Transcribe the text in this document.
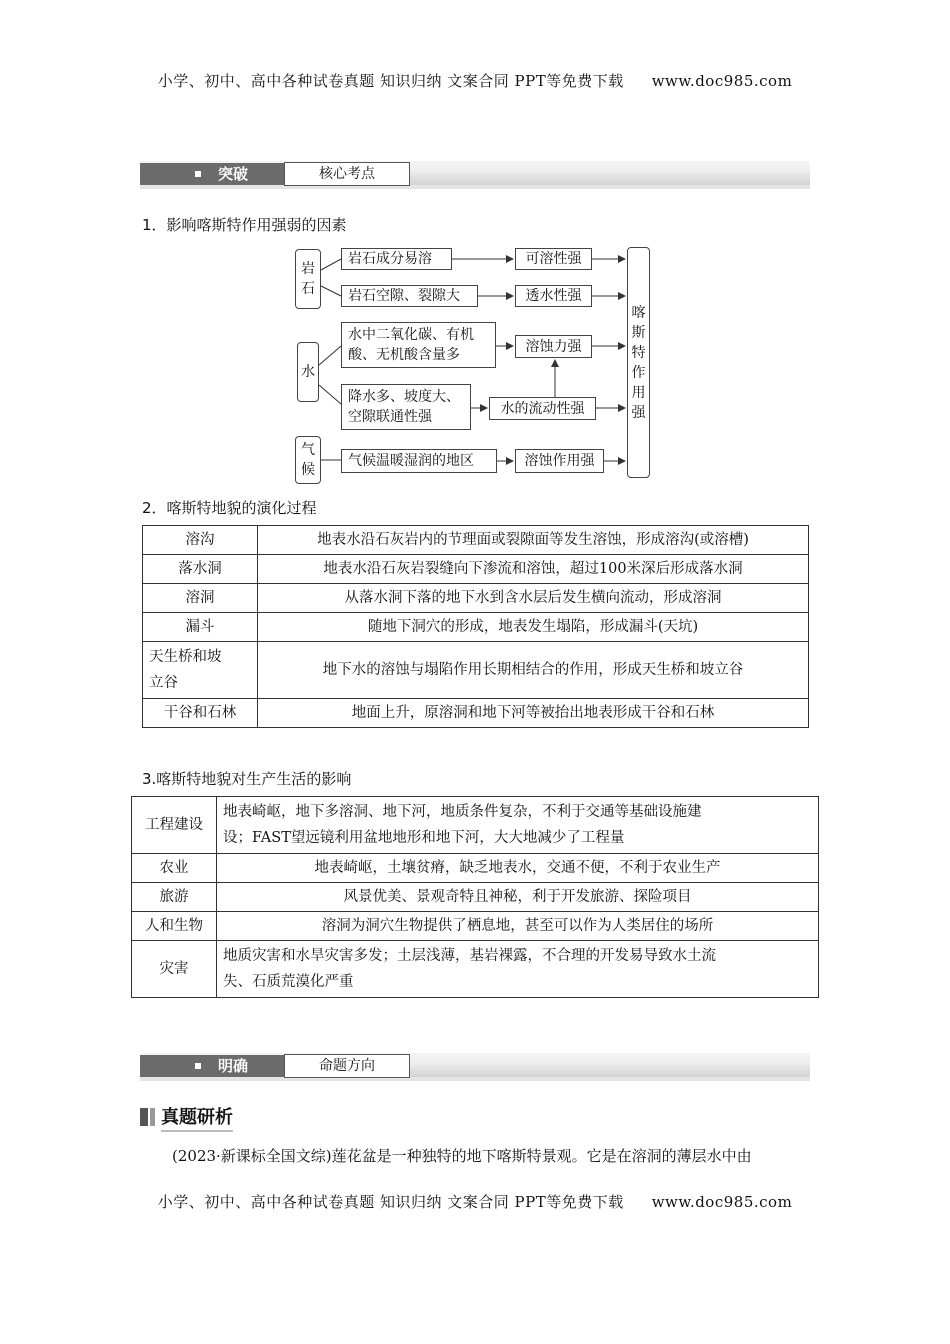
小学、初中、高中各种试卷真题 知识归纳 文案合同 PPT等免费下载 www.doc985.com
突破	核心考点
1．影响喀斯特作用强弱的因素
岩
石
水
气
候
岩石成分易溶
岩石空隙、裂隙大
水中二氧化碳、有机
酸、无机酸含量多
降水多、坡度大、
空隙联通性强
气候温暖湿润的地区
可溶性强
透水性强
溶蚀力强
水的流动性强
溶蚀作用强
喀
斯
特
作
用
强
2．喀斯特地貌的演化过程
溶沟	地表水沿石灰岩内的节理面或裂隙面等发生溶蚀，形成溶沟(或溶槽)
落水洞	地表水沿石灰岩裂缝向下渗流和溶蚀，超过100米深后形成落水洞
溶洞	从落水洞下落的地下水到含水层后发生横向流动，形成溶洞
漏斗	随地下洞穴的形成，地表发生塌陷，形成漏斗(天坑)
天生桥和坡
立谷	地下水的溶蚀与塌陷作用长期相结合的作用，形成天生桥和坡立谷
干谷和石林	地面上升，原溶洞和地下河等被抬出地表形成干谷和石林
3.喀斯特地貌对生产生活的影响
工程建设	地表崎岖，地下多溶洞、地下河，地质条件复杂，不利于交通等基础设施建
设；FAST望远镜利用盆地地形和地下河，大大地减少了工程量
农业	地表崎岖，土壤贫瘠，缺乏地表水，交通不便，不利于农业生产
旅游	风景优美、景观奇特且神秘，利于开发旅游、探险项目
人和生物	溶洞为洞穴生物提供了栖息地，甚至可以作为人类居住的场所
灾害	地质灾害和水旱灾害多发；土层浅薄，基岩裸露，不合理的开发易导致水土流
失、石质荒漠化严重
明确	命题方向
真题研析
(2023·新课标全国文综)莲花盆是一种独特的地下喀斯特景观。它是在溶洞的薄层水中由
小学、初中、高中各种试卷真题 知识归纳 文案合同 PPT等免费下载 www.doc985.com
